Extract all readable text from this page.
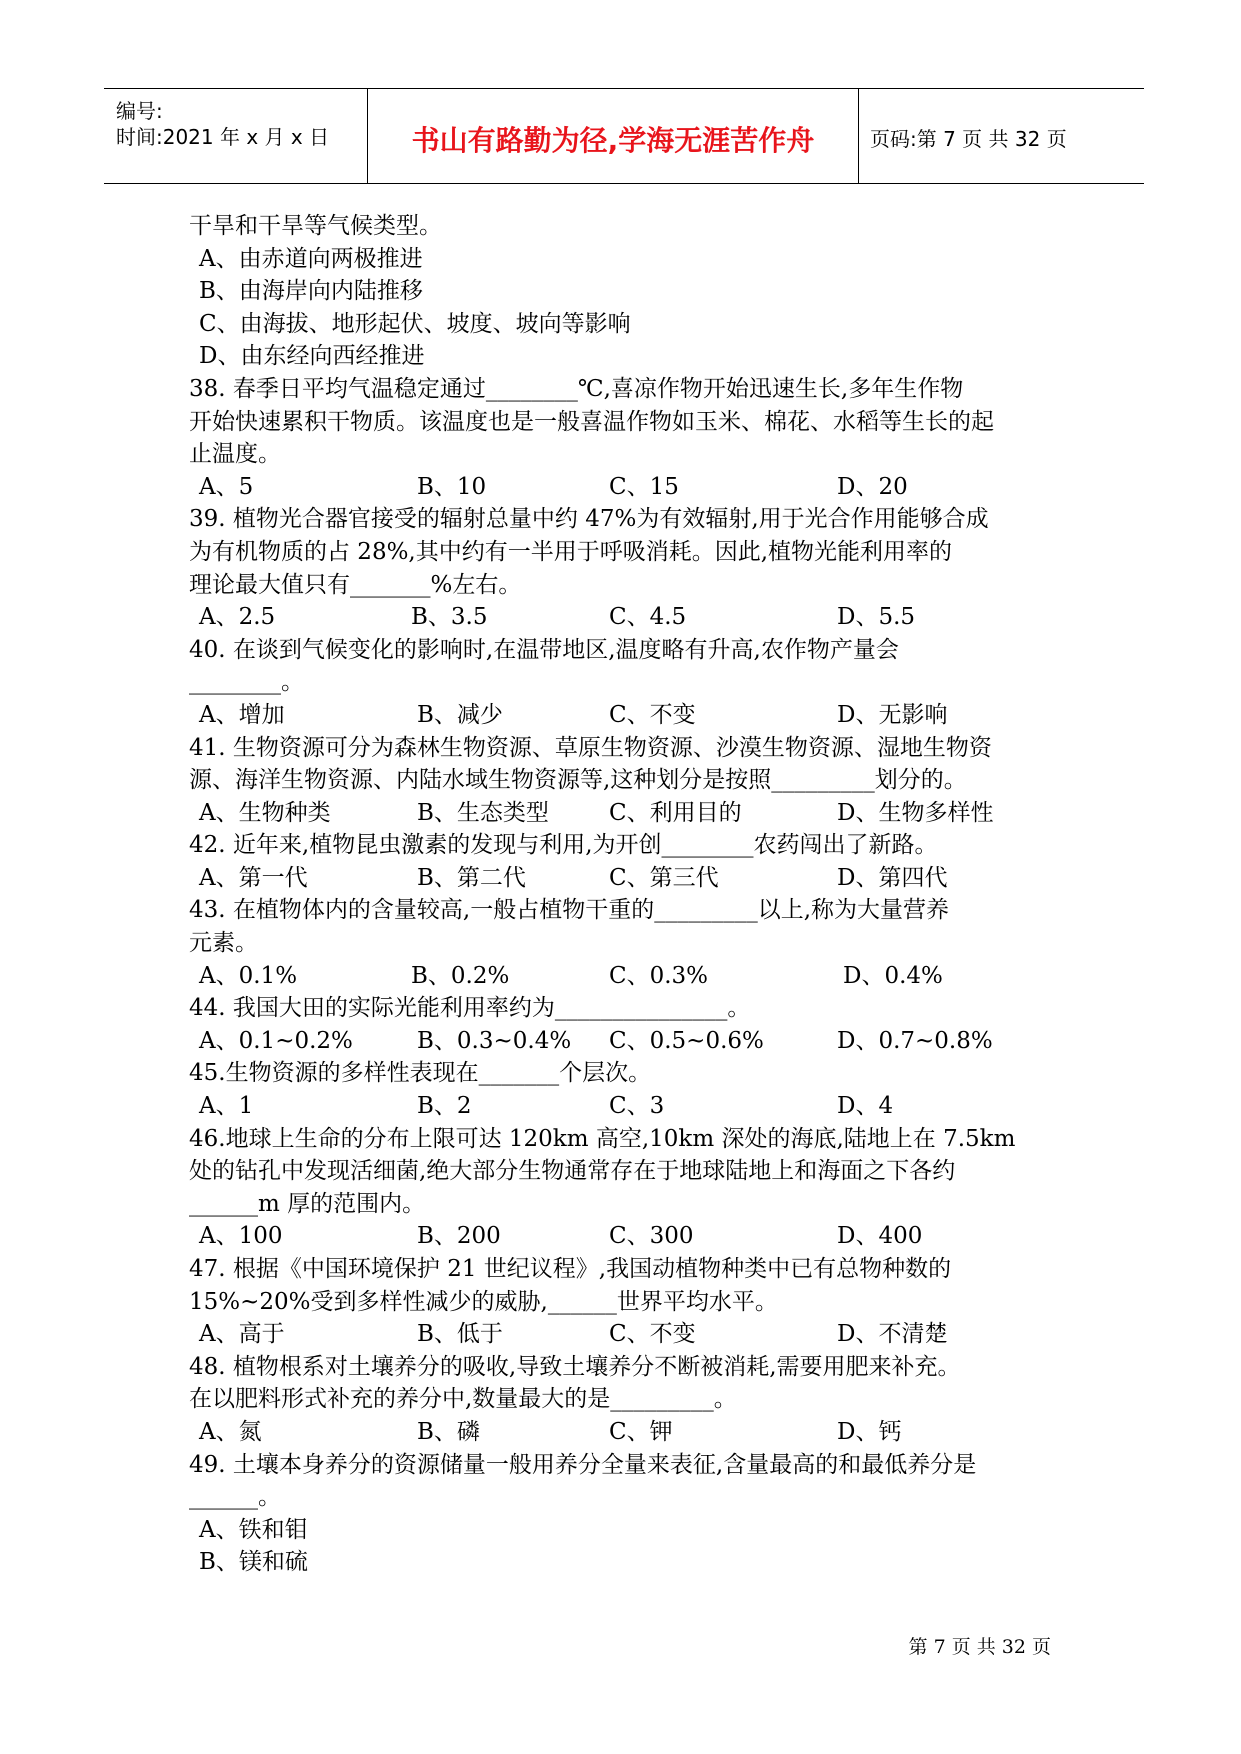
编号:
时间:2021 年 x 月 x 日	书山有路勤为径,学海无涯苦作舟	页码:第 7 页 共 32 页
干旱和干旱等气候类型。
A、由赤道向两极推进
B、由海岸向内陆推移
C、由海拔、地形起伏、坡度、坡向等影响
D、由东经向西经推进
38. 春季日平均气温稳定通过________℃,喜凉作物开始迅速生长,多年生作物
开始快速累积干物质。该温度也是一般喜温作物如玉米、棉花、水稻等生长的起
止温度。
A、5	B、10	C、15	D、20
39. 植物光合器官接受的辐射总量中约 47%为有效辐射,用于光合作用能够合成
为有机物质的占 28%,其中约有一半用于呼吸消耗。因此,植物光能利用率的
理论最大值只有_______%左右。
A、2.5	B、3.5	C、4.5	D、5.5
40. 在谈到气候变化的影响时,在温带地区,温度略有升高,农作物产量会
________。
A、增加	B、减少	C、不变	D、无影响
41. 生物资源可分为森林生物资源、草原生物资源、沙漠生物资源、湿地生物资
源、海洋生物资源、内陆水域生物资源等,这种划分是按照_________划分的。
A、生物种类	B、生态类型	C、利用目的	D、生物多样性
42. 近年来,植物昆虫激素的发现与利用,为开创________农药闯出了新路。
A、第一代	B、第二代	C、第三代	D、第四代
43. 在植物体内的含量较高,一般占植物干重的_________以上,称为大量营养
元素。
A、0.1%	B、0.2%	C、0.3%	D、0.4%
44. 我国大田的实际光能利用率约为_______________。
A、0.1~0.2%	B、0.3~0.4% C、0.5~0.6%	D、0.7~0.8%
45.生物资源的多样性表现在_______个层次。
A、1	B、2	C、3	D、4
46.地球上生命的分布上限可达 120km 高空,10km 深处的海底,陆地上在 7.5km
处的钻孔中发现活细菌,绝大部分生物通常存在于地球陆地上和海面之下各约
______m 厚的范围内。
A、100	B、200	C、300	D、400
47. 根据《中国环境保护 21 世纪议程》,我国动植物种类中已有总物种数的
15%~20%受到多样性减少的威胁,______世界平均水平。
A、高于	B、低于	C、不变	D、不清楚
48. 植物根系对土壤养分的吸收,导致土壤养分不断被消耗,需要用肥来补充。
在以肥料形式补充的养分中,数量最大的是_________。
A、氮	B、磷	C、钾	D、钙
49. 土壤本身养分的资源储量一般用养分全量来表征,含量最高的和最低养分是
______。
A、铁和钼
B、镁和硫
第 7 页 共 32 页
